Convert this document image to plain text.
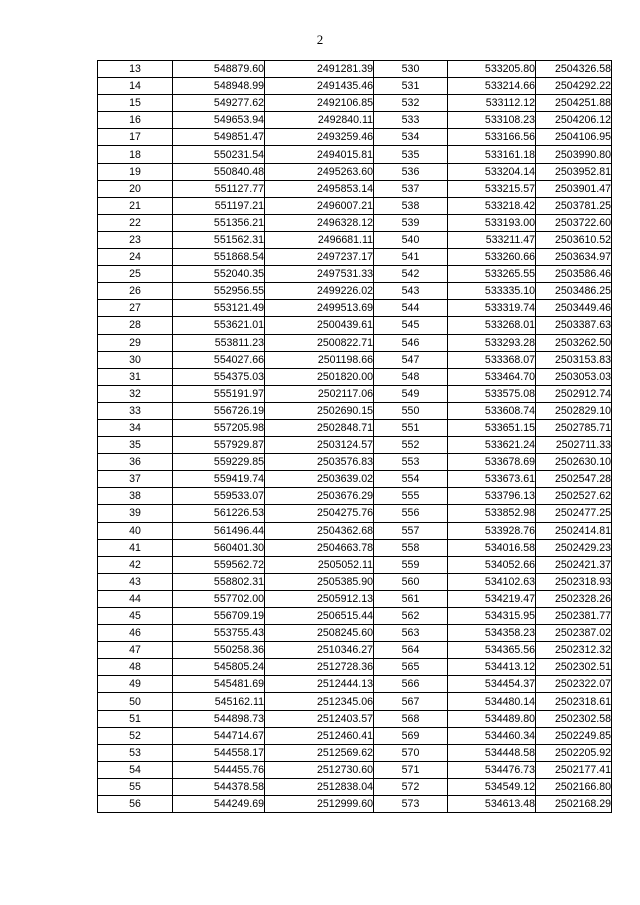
2
13	548879.60	2491281.39	530	533205.80	2504326.58
14	548948.99	2491435.46	531	533214.66	2504292.22
15	549277.62	2492106.85	532	533112.12	2504251.88
16	549653.94	2492840.11	533	533108.23	2504206.12
17	549851.47	2493259.46	534	533166.56	2504106.95
18	550231.54	2494015.81	535	533161.18	2503990.80
19	550840.48	2495263.60	536	533204.14	2503952.81
20	551127.77	2495853.14	537	533215.57	2503901.47
21	551197.21	2496007.21	538	533218.42	2503781.25
22	551356.21	2496328.12	539	533193.00	2503722.60
23	551562.31	2496681.11	540	533211.47	2503610.52
24	551868.54	2497237.17	541	533260.66	2503634.97
25	552040.35	2497531.33	542	533265.55	2503586.46
26	552956.55	2499226.02	543	533335.10	2503486.25
27	553121.49	2499513.69	544	533319.74	2503449.46
28	553621.01	2500439.61	545	533268.01	2503387.63
29	553811.23	2500822.71	546	533293.28	2503262.50
30	554027.66	2501198.66	547	533368.07	2503153.83
31	554375.03	2501820.00	548	533464.70	2503053.03
32	555191.97	2502117.06	549	533575.08	2502912.74
33	556726.19	2502690.15	550	533608.74	2502829.10
34	557205.98	2502848.71	551	533651.15	2502785.71
35	557929.87	2503124.57	552	533621.24	2502711.33
36	559229.85	2503576.83	553	533678.69	2502630.10
37	559419.74	2503639.02	554	533673.61	2502547.28
38	559533.07	2503676.29	555	533796.13	2502527.62
39	561226.53	2504275.76	556	533852.98	2502477.25
40	561496.44	2504362.68	557	533928.76	2502414.81
41	560401.30	2504663.78	558	534016.58	2502429.23
42	559562.72	2505052.11	559	534052.66	2502421.37
43	558802.31	2505385.90	560	534102.63	2502318.93
44	557702.00	2505912.13	561	534219.47	2502328.26
45	556709.19	2506515.44	562	534315.95	2502381.77
46	553755.43	2508245.60	563	534358.23	2502387.02
47	550258.36	2510346.27	564	534365.56	2502312.32
48	545805.24	2512728.36	565	534413.12	2502302.51
49	545481.69	2512444.13	566	534454.37	2502322.07
50	545162.11	2512345.06	567	534480.14	2502318.61
51	544898.73	2512403.57	568	534489.80	2502302.58
52	544714.67	2512460.41	569	534460.34	2502249.85
53	544558.17	2512569.62	570	534448.58	2502205.92
54	544455.76	2512730.60	571	534476.73	2502177.41
55	544378.58	2512838.04	572	534549.12	2502166.80
56	544249.69	2512999.60	573	534613.48	2502168.29
